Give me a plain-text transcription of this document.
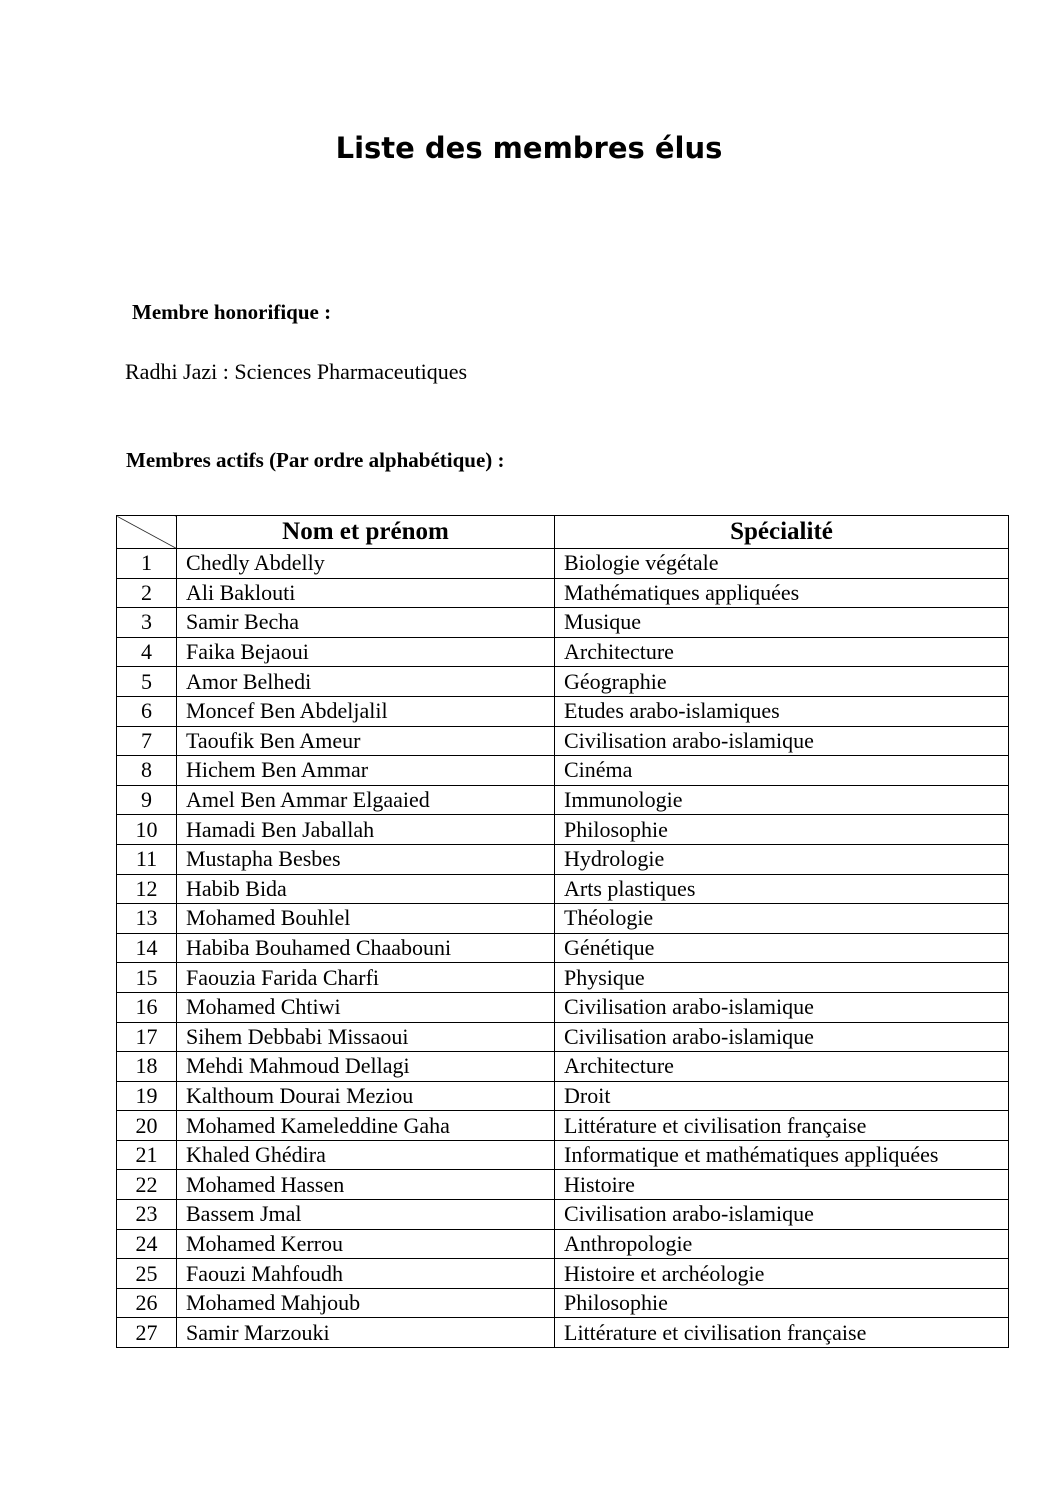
Liste des membres élus
Membre honorifique :
Radhi Jazi : Sciences Pharmaceutiques
Membres actifs (Par ordre alphabétique) :
	Nom et prénom	Spécialité
1	Chedly Abdelly	Biologie végétale
2	Ali Baklouti	Mathématiques appliquées
3	Samir Becha	Musique
4	Faika Bejaoui	Architecture
5	Amor Belhedi	Géographie
6	Moncef Ben Abdeljalil	Etudes arabo-islamiques
7	Taoufik Ben Ameur	Civilisation arabo-islamique
8	Hichem Ben Ammar	Cinéma
9	Amel Ben Ammar Elgaaied	Immunologie
10	Hamadi Ben Jaballah	Philosophie
11	Mustapha Besbes	Hydrologie
12	Habib Bida	Arts plastiques
13	Mohamed Bouhlel	Théologie
14	Habiba Bouhamed Chaabouni	Génétique
15	Faouzia Farida Charfi	Physique
16	Mohamed Chtiwi	Civilisation arabo-islamique
17	Sihem Debbabi Missaoui	Civilisation arabo-islamique
18	Mehdi Mahmoud Dellagi	Architecture
19	Kalthoum Dourai Meziou	Droit
20	Mohamed Kameleddine Gaha	Littérature et civilisation française
21	Khaled Ghédira	Informatique et mathématiques appliquées
22	Mohamed Hassen	Histoire
23	Bassem Jmal	Civilisation arabo-islamique
24	Mohamed Kerrou	Anthropologie
25	Faouzi Mahfoudh	Histoire et archéologie
26	Mohamed Mahjoub	Philosophie
27	Samir Marzouki	Littérature et civilisation française
